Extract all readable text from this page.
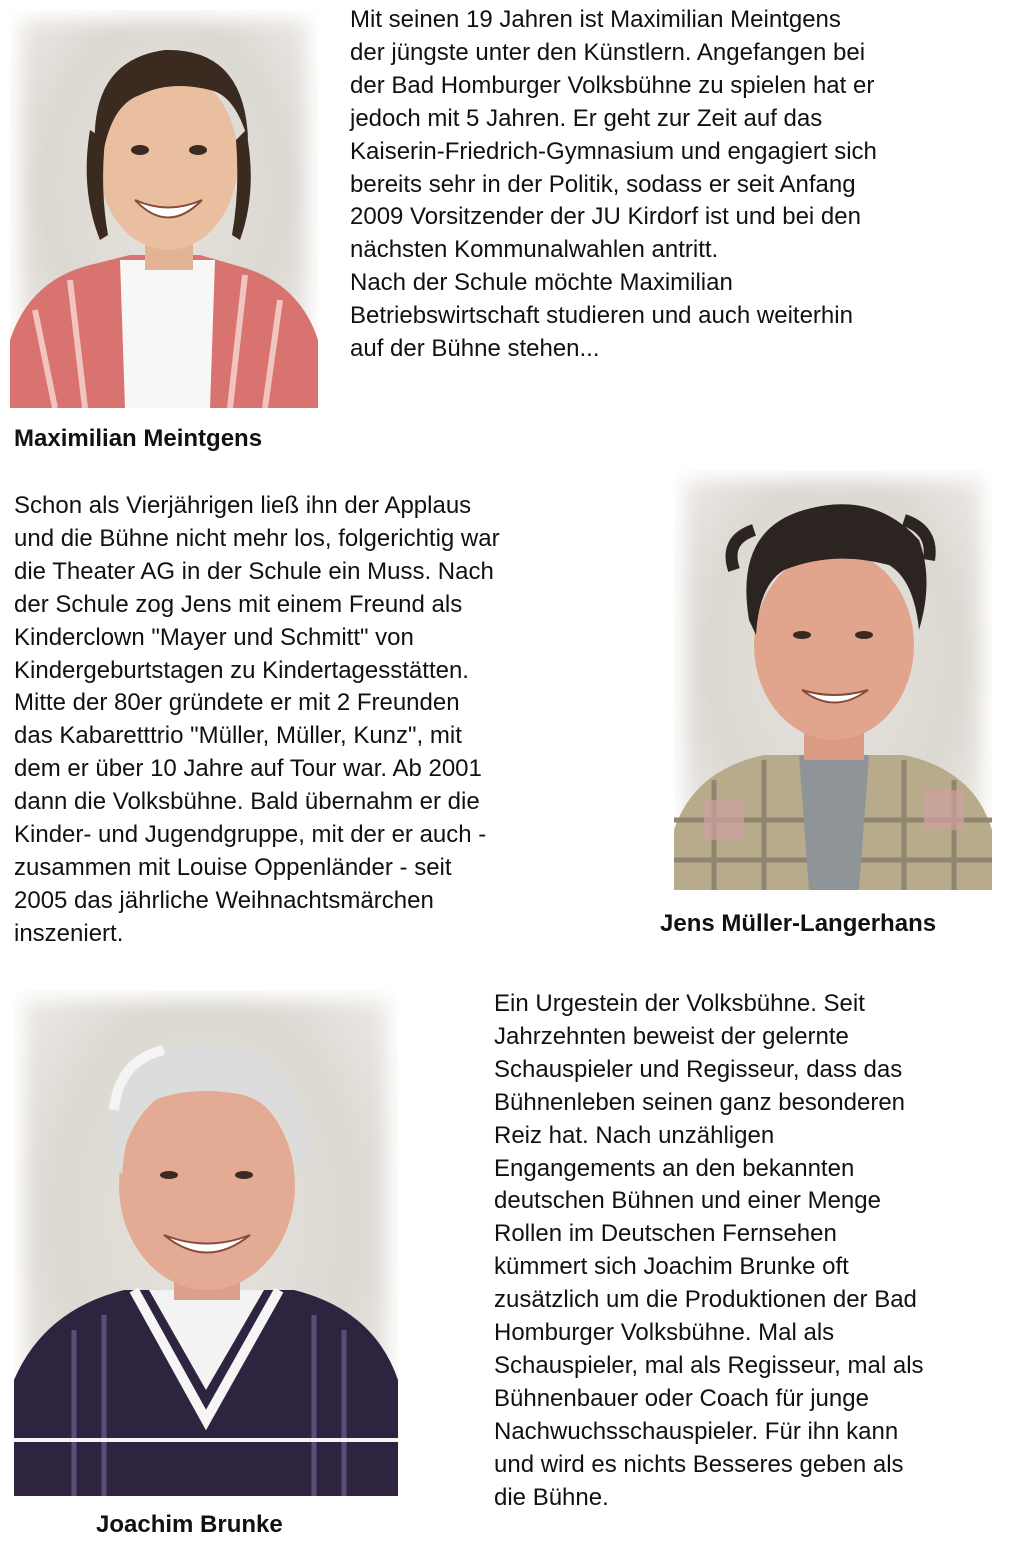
Mit seinen 19 Jahren ist Maximilian Meintgens
der jüngste unter den Künstlern. Angefangen bei
der Bad Homburger Volksbühne zu spielen hat er
jedoch mit 5 Jahren. Er geht zur Zeit auf das
Kaiserin-Friedrich-Gymnasium und engagiert sich
bereits sehr in der Politik, sodass er seit Anfang
2009 Vorsitzender der JU Kirdorf ist und bei den
nächsten Kommunalwahlen antritt.
Nach der Schule möchte Maximilian
Betriebswirtschaft studieren und auch weiterhin
auf der Bühne stehen...

Maximilian Meintgens

Schon als Vierjährigen ließ ihn der Applaus
und die Bühne nicht mehr los, folgerichtig war
die Theater AG in der Schule ein Muss. Nach
der Schule zog Jens mit einem Freund als
Kinderclown "Mayer und Schmitt" von
Kindergeburtstagen zu Kindertagesstätten.
Mitte der 80er gründete er mit 2 Freunden
das Kabaretttrio "Müller, Müller, Kunz", mit
dem er über 10 Jahre auf Tour war. Ab 2001
dann die Volksbühne. Bald übernahm er die
Kinder- und Jugendgruppe, mit der er auch -
zusammen mit Louise Oppenländer - seit
2005 das jährliche Weihnachtsmärchen
inszeniert.	Jens Müller-Langerhans

Ein Urgestein der Volksbühne. Seit
Jahrzehnten beweist der gelernte
Schauspieler und Regisseur, dass das
Bühnenleben seinen ganz besonderen
Reiz hat. Nach unzähligen
Engangements an den bekannten
deutschen Bühnen und einer Menge
Rollen im Deutschen Fernsehen
kümmert sich Joachim Brunke oft
zusätzlich um die Produktionen der Bad
Homburger Volksbühne. Mal als
Schauspieler, mal als Regisseur, mal als
Bühnenbauer oder Coach für junge
Nachwuchsschauspieler. Für ihn kann
und wird es nichts Besseres geben als
die Bühne.

Joachim Brunke
